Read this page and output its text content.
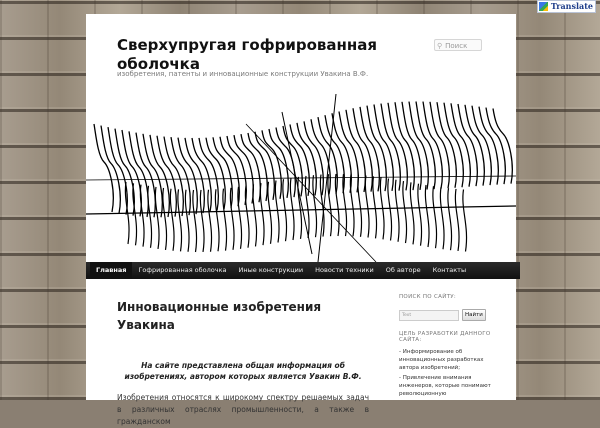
Translate
Сверхупругая гофрированная оболочка
изобретения, патенты и инновационные конструкции Увакина В.Ф.
⚲ Поиск
Главная	Гофрированная оболочка	Иные конструкции	Новости техники	Об авторе	Контакты
Инновационные изобретения Увакина
На сайте представлена общая информация об изобретениях, автором которых является Увакин В.Ф.
Изобретения относятся к широкому спектру решаемых задач в различных отраслях промышленности, а также в гражданском
ПОИСК ПО САЙТУ:
Text	Найти
ЦЕЛЬ РАЗРАБОТКИ ДАННОГО САЙТА:
- Информирование об инновационных разработках автора изобретений;
- Привлечение внимания инженеров, которые понимают революционную
